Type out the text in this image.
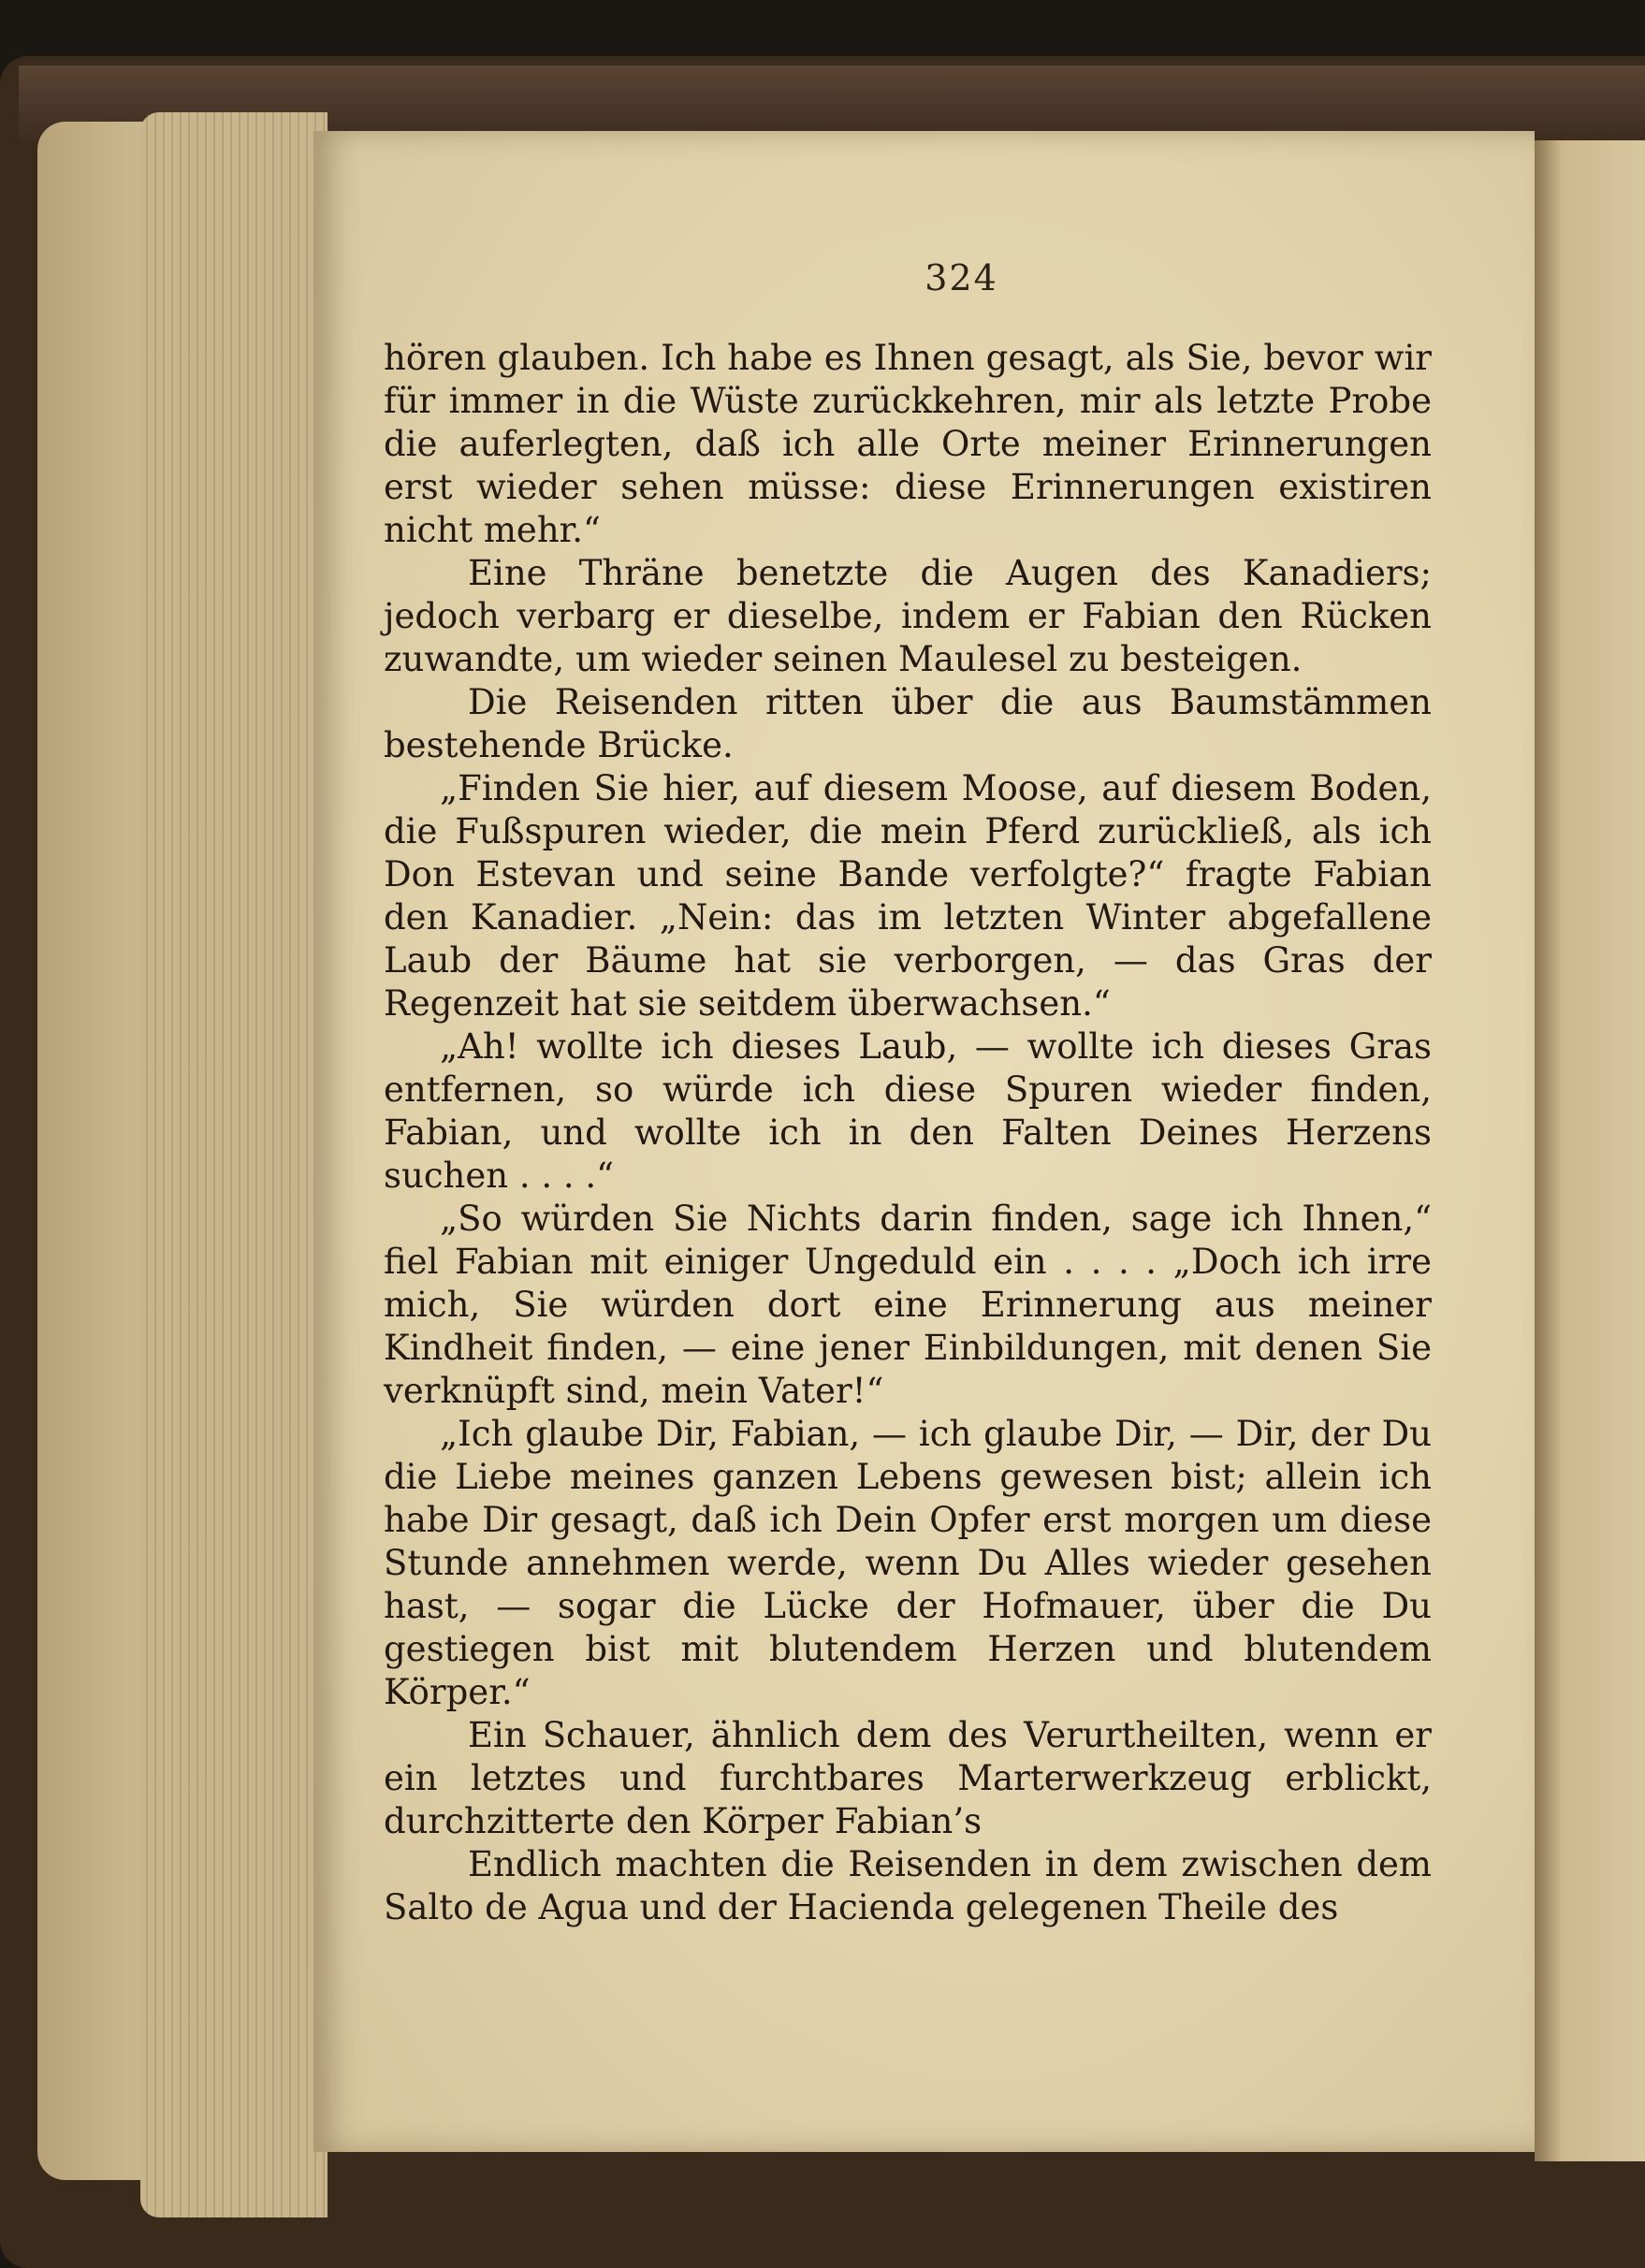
324

hören glauben. Ich habe es Ihnen gesagt, als Sie, bevor wir für immer in die Wüste zurückkehren, mir als letzte Probe die auferlegten, daß ich alle Orte meiner Erinnerungen erst wieder sehen müsse: diese Erinnerungen existiren nicht mehr.“

Eine Thräne benetzte die Augen des Kanadiers; jedoch verbarg er dieselbe, indem er Fabian den Rücken zuwandte, um wieder seinen Maulesel zu besteigen.

Die Reisenden ritten über die aus Baumstämmen bestehende Brücke.

„Finden Sie hier, auf diesem Moose, auf diesem Boden, die Fußspuren wieder, die mein Pferd zurückließ, als ich Don Estevan und seine Bande verfolgte?“ fragte Fabian den Kanadier. „Nein: das im letzten Winter abgefallene Laub der Bäume hat sie verborgen, — das Gras der Regenzeit hat sie seitdem überwachsen.“

„Ah! wollte ich dieses Laub, — wollte ich dieses Gras entfernen, so würde ich diese Spuren wieder finden, Fabian, und wollte ich in den Falten Deines Herzens suchen . . . .“

„So würden Sie Nichts darin finden, sage ich Ihnen,“ fiel Fabian mit einiger Ungeduld ein . . . . „Doch ich irre mich, Sie würden dort eine Erinnerung aus meiner Kindheit finden, — eine jener Einbildungen, mit denen Sie verknüpft sind, mein Vater!“

„Ich glaube Dir, Fabian, — ich glaube Dir, — Dir, der Du die Liebe meines ganzen Lebens gewesen bist; allein ich habe Dir gesagt, daß ich Dein Opfer erst morgen um diese Stunde annehmen werde, wenn Du Alles wieder gesehen hast, — sogar die Lücke der Hofmauer, über die Du gestiegen bist mit blutendem Herzen und blutendem Körper.“

Ein Schauer, ähnlich dem des Verurtheilten, wenn er ein letztes und furchtbares Marterwerkzeug erblickt, durchzitterte den Körper Fabian’s

Endlich machten die Reisenden in dem zwischen dem Salto de Agua und der Hacienda gelegenen Theile des
